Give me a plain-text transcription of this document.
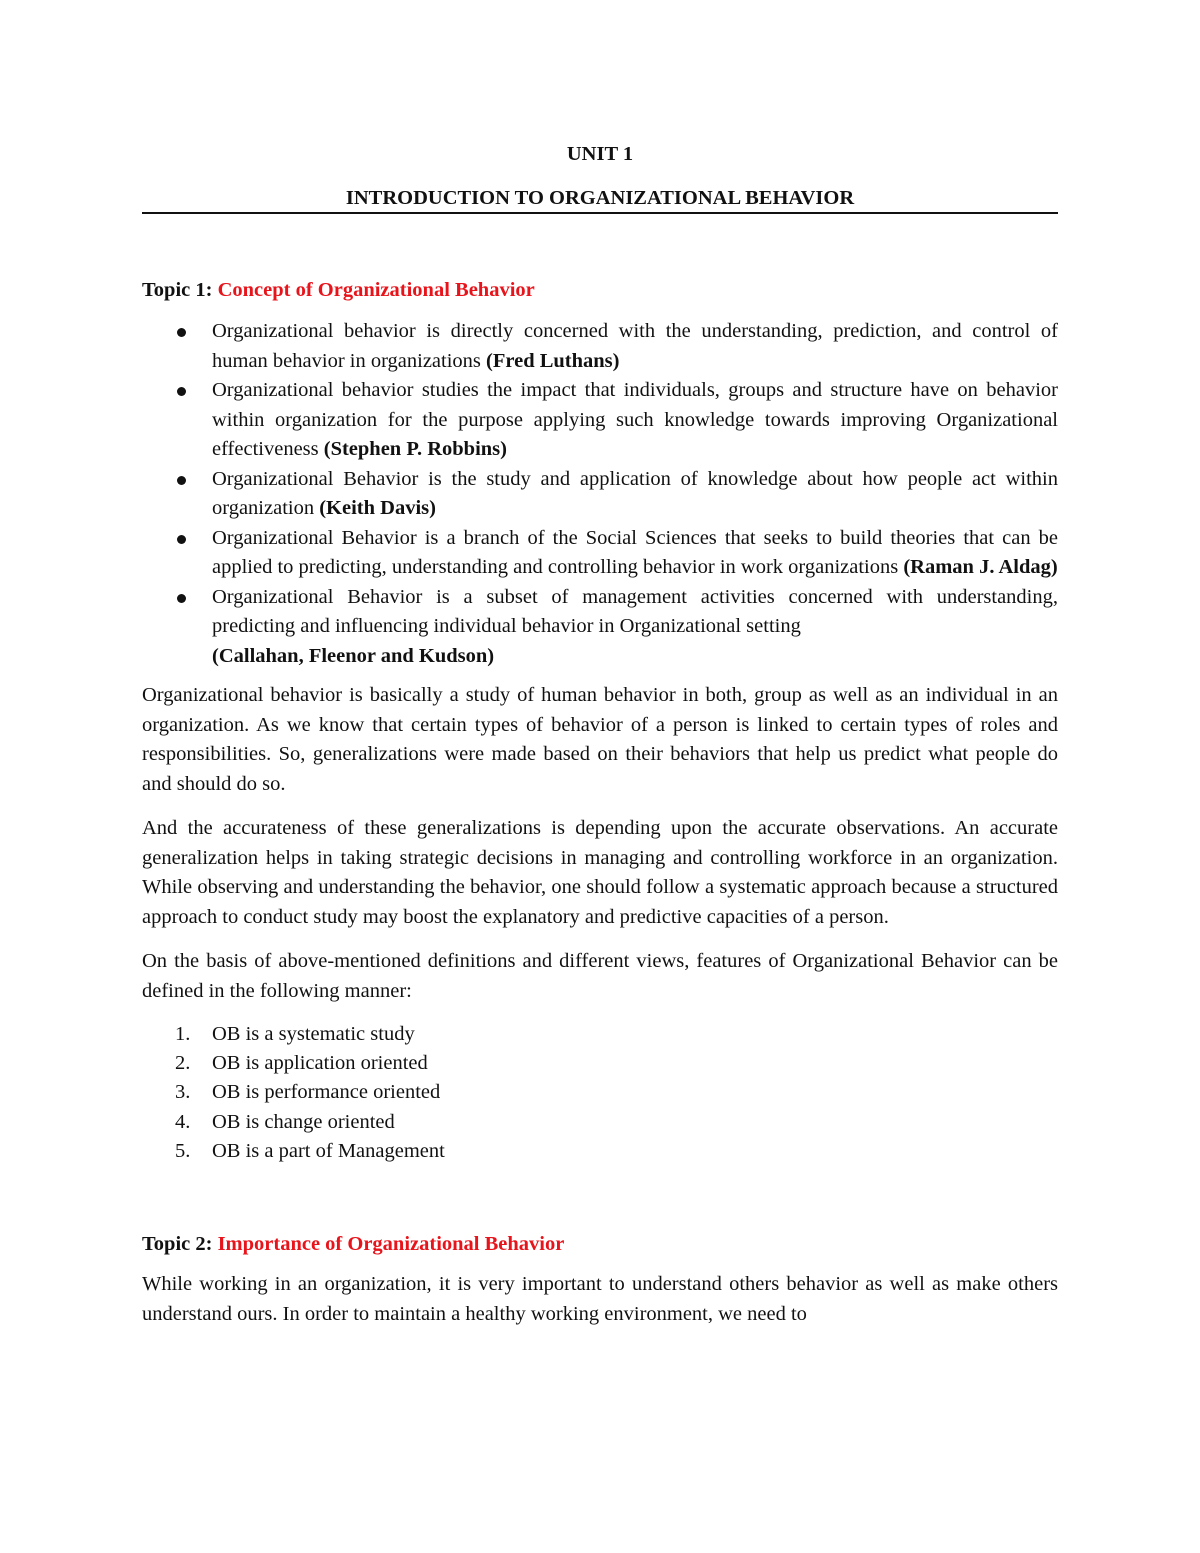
UNIT 1
INTRODUCTION TO ORGANIZATIONAL BEHAVIOR
Topic 1: Concept of Organizational Behavior
Organizational behavior is directly concerned with the understanding, prediction, and control of human behavior in organizations (Fred Luthans)
Organizational behavior studies the impact that individuals, groups and structure have on behavior within organization for the purpose applying such knowledge towards improving Organizational effectiveness (Stephen P. Robbins)
Organizational Behavior is the study and application of knowledge about how people act within organization (Keith Davis)
Organizational Behavior is a branch of the Social Sciences that seeks to build theories that can be applied to predicting, understanding and controlling behavior in work organizations (Raman J. Aldag)
Organizational Behavior is a subset of management activities concerned with understanding, predicting and influencing individual behavior in Organizational setting
(Callahan, Fleenor and Kudson)

Organizational behavior is basically a study of human behavior in both, group as well as an individual in an organization. As we know that certain types of behavior of a person is linked to certain types of roles and responsibilities. So, generalizations were made based on their behaviors that help us predict what people do and should do so.

And the accurateness of these generalizations is depending upon the accurate observations. An accurate generalization helps in taking strategic decisions in managing and controlling workforce in an organization. While observing and understanding the behavior, one should follow a systematic approach because a structured approach to conduct study may boost the explanatory and predictive capacities of a person.

On the basis of above-mentioned definitions and different views, features of Organizational Behavior can be defined in the following manner:

1. OB is a systematic study
2. OB is application oriented
3. OB is performance oriented
4. OB is change oriented
5. OB is a part of Management
Topic 2: Importance of Organizational Behavior

While working in an organization, it is very important to understand others behavior as well as make others understand ours. In order to maintain a healthy working environment, we need to
